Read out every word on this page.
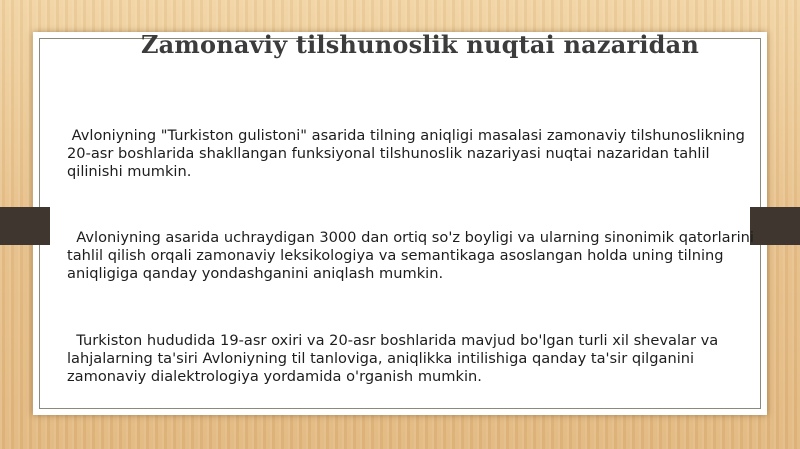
Zamonaviy tilshunoslik nuqtai nazaridan

Avloniyning "Turkiston gulistoni" asarida tilning aniqligi masalasi zamonaviy tilshunoslikning 20-asr boshlarida shakllangan funksiyonal tilshunoslik nazariyasi nuqtai nazaridan tahlil qilinishi mumkin.

Avloniyning asarida uchraydigan 3000 dan ortiq so'z boyligi va ularning sinonimik qatorlarini tahlil qilish orqali zamonaviy leksikologiya va semantikaga asoslangan holda uning tilning aniqligiga qanday yondashganini aniqlash mumkin.

Turkiston hududida 19-asr oxiri va 20-asr boshlarida mavjud bo'lgan turli xil shevalar va lahjalarning ta'siri Avloniyning til tanloviga, aniqlikka intilishiga qanday ta'sir qilganini zamonaviy dialektrologiya yordamida o'rganish mumkin.
